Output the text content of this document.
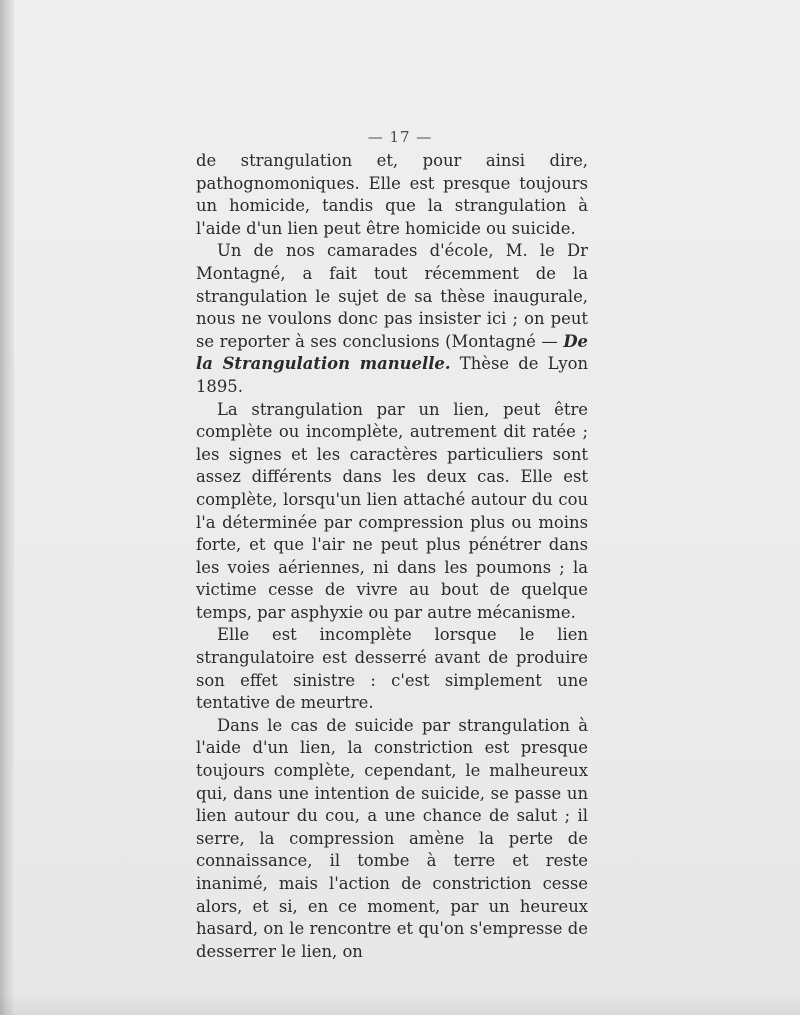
— 17 —

de strangulation et, pour ainsi dire, pathognomoniques. Elle est presque toujours un homicide, tandis que la strangulation à l'aide d'un lien peut être homicide ou suicide.

Un de nos camarades d'école, M. le Dr Montagné, a fait tout récemment de la strangulation le sujet de sa thèse inaugurale, nous ne voulons donc pas insister ici ; on peut se reporter à ses conclusions (Montagné — De la Strangulation manuelle. Thèse de Lyon 1895.

La strangulation par un lien, peut être complète ou incomplète, autrement dit ratée ; les signes et les caractères particuliers sont assez différents dans les deux cas. Elle est complète, lorsqu'un lien attaché autour du cou l'a déterminée par compression plus ou moins forte, et que l'air ne peut plus pénétrer dans les voies aériennes, ni dans les poumons ; la victime cesse de vivre au bout de quelque temps, par asphyxie ou par autre mécanisme.

Elle est incomplète lorsque le lien strangulatoire est desserré avant de produire son effet sinistre : c'est simplement une tentative de meurtre.

Dans le cas de suicide par strangulation à l'aide d'un lien, la constriction est presque toujours complète, cependant, le malheureux qui, dans une intention de suicide, se passe un lien autour du cou, a une chance de salut ; il serre, la compression amène la perte de connaissance, il tombe à terre et reste inanimé, mais l'action de constriction cesse alors, et si, en ce moment, par un heureux hasard, on le rencontre et qu'on s'empresse de desserrer le lien, on
